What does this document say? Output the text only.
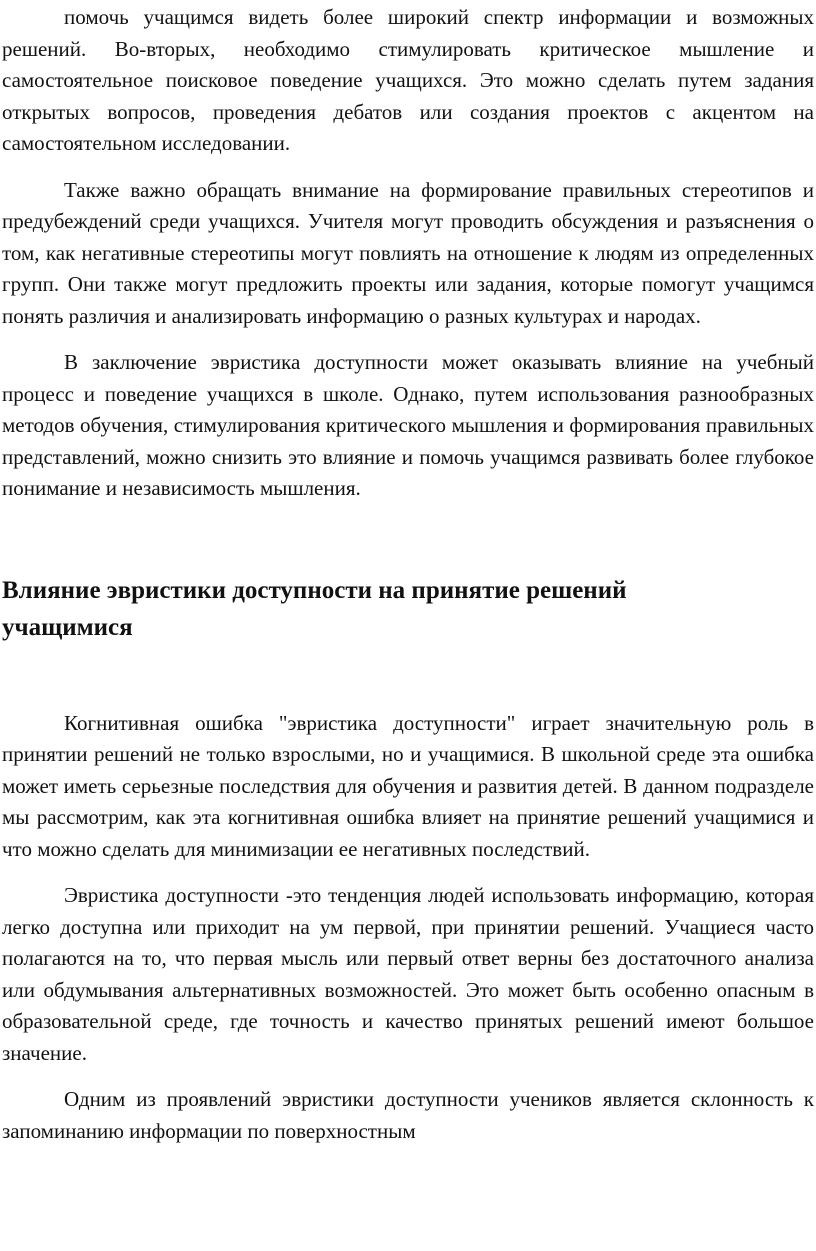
помочь учащимся видеть более широкий спектр информации и возможных решений. Во-вторых, необходимо стимулировать критическое мышление и самостоятельное поисковое поведение учащихся. Это можно сделать путем задания открытых вопросов, проведения дебатов или создания проектов с акцентом на самостоятельном исследовании.

Также важно обращать внимание на формирование правильных стереотипов и предубеждений среди учащихся. Учителя могут проводить обсуждения и разъяснения о том, как негативные стереотипы могут повлиять на отношение к людям из определенных групп. Они также могут предложить проекты или задания, которые помогут учащимся понять различия и анализировать информацию о разных культурах и народах.

В заключение эвристика доступности может оказывать влияние на учебный процесс и поведение учащихся в школе. Однако, путем использования разнообразных методов обучения, стимулирования критического мышления и формирования правильных представлений, можно снизить это влияние и помочь учащимся развивать более глубокое понимание и независимость мышления.

Влияние эвристики доступности на принятие решений учащимися

Когнитивная ошибка "эвристика доступности" играет значительную роль в принятии решений не только взрослыми, но и учащимися. В школьной среде эта ошибка может иметь серьезные последствия для обучения и развития детей. В данном подразделе мы рассмотрим, как эта когнитивная ошибка влияет на принятие решений учащимися и что можно сделать для минимизации ее негативных последствий.

Эвристика доступности -это тенденция людей использовать информацию, которая легко доступна или приходит на ум первой, при принятии решений. Учащиеся часто полагаются на то, что первая мысль или первый ответ верны без достаточного анализа или обдумывания альтернативных возможностей. Это может быть особенно опасным в образовательной среде, где точность и качество принятых решений имеют большое значение.

Одним из проявлений эвристики доступности учеников является склонность к запоминанию информации по поверхностным
